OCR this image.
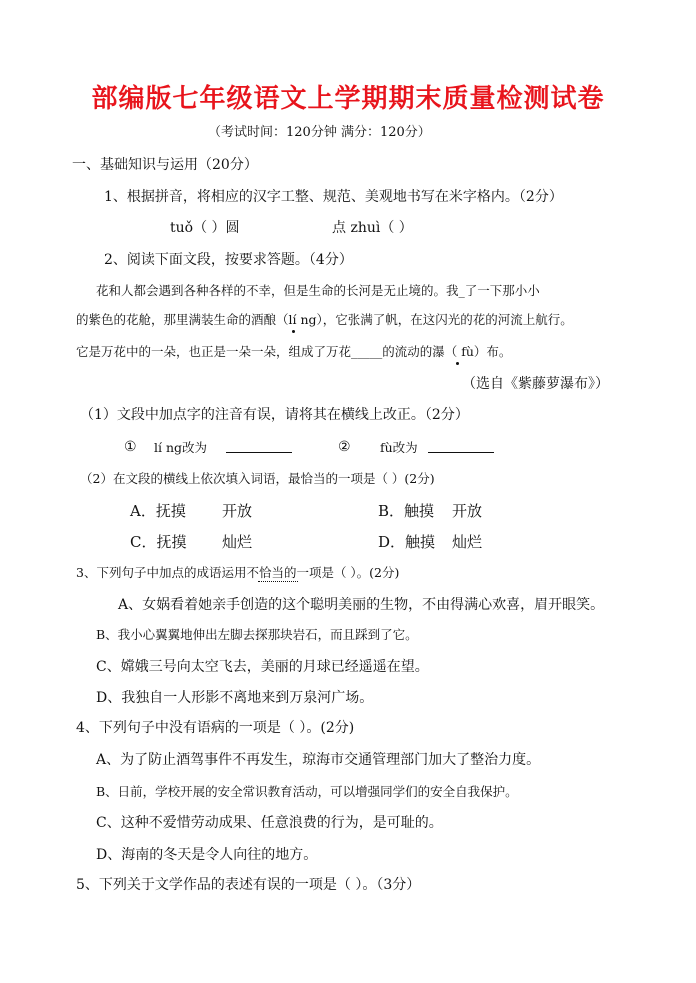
部编版七年级语文上学期期末质量检测试卷
（考试时间：120分钟 满分：120分）
一、基础知识与运用（20分）
1、根据拼音，将相应的汉字工整、规范、美观地书写在米字格内。（2分）
tuǒ（ ）圆	点 zhuì（ ）
2、阅读下面文段，按要求答题。（4分）
花和人都会遇到各种各样的不幸，但是生命的长河是无止境的。我_了一下那小小
的紫色的花舱，那里满装生命的酒酿（lí ng），它张满了帆，在这闪光的花的河流上航行。
它是万花中的一朵，也正是一朵一朵，组成了万花_____的流动的瀑（ fù）布。
（选自《紫藤萝瀑布》）
（1）文段中加点字的注音有误，请将其在横线上改正。（2分）
① lí ng改为	② fù改为
（2）在文段的横线上依次填入词语，最恰当的一项是（ ）(2分)
A．抚摸 开放	B．触摸 开放
C．抚摸 灿烂	D．触摸 灿烂
3、下列句子中加点的成语运用不恰当的一项是（ ）。(2分)
A、女娲看着她亲手创造的这个聪明美丽的生物，不由得满心欢喜，眉开眼笑。
B、我小心翼翼地伸出左脚去探那块岩石，而且踩到了它。
C、嫦娥三号向太空飞去，美丽的月球已经遥遥在望。
D、我独自一人形影不离地来到万泉河广场。
4、下列句子中没有语病的一项是（ ）。(2分)
A、为了防止酒驾事件不再发生，琼海市交通管理部门加大了整治力度。
B、日前，学校开展的安全常识教育活动，可以增强同学们的安全自我保护。
C、这种不爱惜劳动成果、任意浪费的行为，是可耻的。
D、海南的冬天是令人向往的地方。
5、下列关于文学作品的表述有误的一项是（ ）。（3分）
